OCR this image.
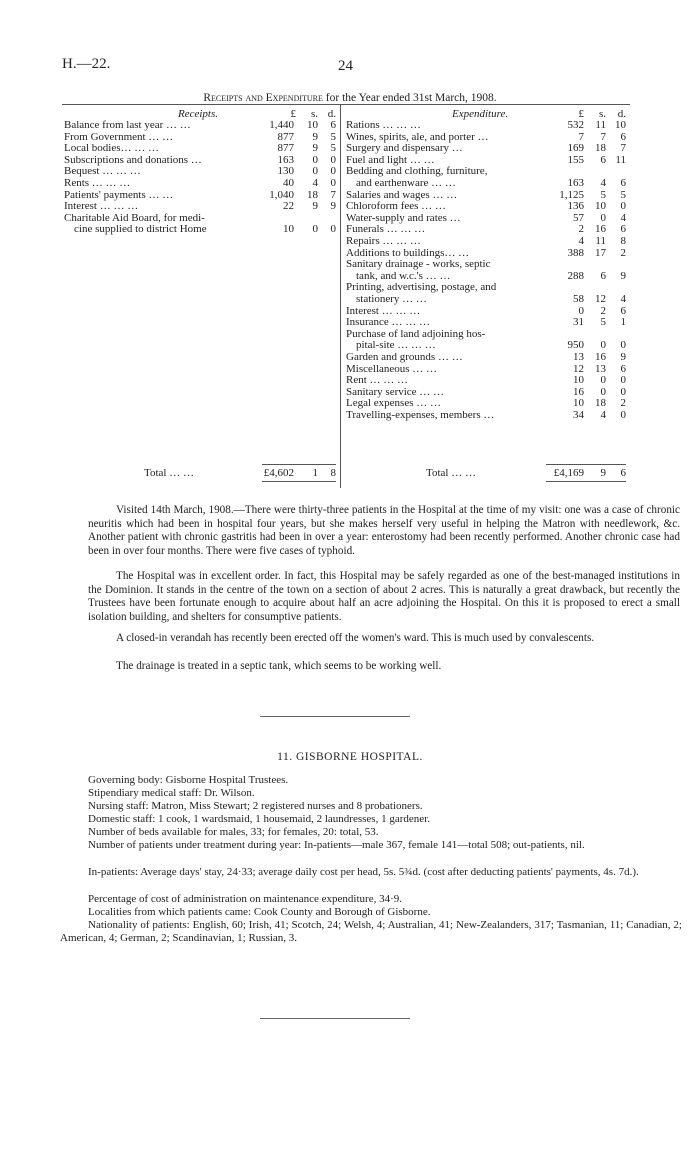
H.—22.	24
Receipts and Expenditure for the Year ended 31st March, 1908.
Receipts.	Expenditure.
£	s. d.	£	s.	d.
Balance from last year … …	1,440	10	6
From Government … …	877	9	5
Local bodies… … …	877	9	5
Subscriptions and donations …	163	0	0
Bequest … … …	130	0	0
Rents … … …	40	4	0
Patients' payments … …	1,040	18	7
Interest … … …	22	9	9
Charitable Aid Board, for medi-
cine supplied to district Home	10	0	0
Rations … … …	532	11 10
Wines, spirits, ale, and porter …	7	7	6
Surgery and dispensary …	169	18	7
Fuel and light … …	155	6 11
Bedding and clothing, furniture,
and earthenware … …	163	4	6
Salaries and wages … …	1,125	5	5
Chloroform fees … …	136	10	0
Water-supply and rates …	57	0	4
Funerals … … …	2	16	6
Repairs … … …	4	11	8
Additions to buildings… …	388	17	2
Sanitary drainage - works, septic
tank, and w.c.'s … …	288	6	9
Printing, advertising, postage, and
stationery … …	58	12	4
Interest … … …	0	2	6
Insurance … … …	31	5	1
Purchase of land adjoining hos-
pital-site … … …	950	0	0
Garden and grounds … …	13	16	9
Miscellaneous … …	12	13	6
Rent … … …	10	0	0
Sanitary service … …	16	0	0
Legal expenses … …	10	18	2
Travelling-expenses, members …	34	4	0
Total … …	£4,602	1	8	Total … …	£4,169	9	6
Visited 14th March, 1908.—There were thirty-three patients in the Hospital at the time of my visit: one was a case of chronic neuritis which had been in hospital four years, but she makes herself very useful in helping the Matron with needlework, &c. Another patient with chronic gastritis had been in over a year: enterostomy had been recently performed. Another chronic case had been in over four months. There were five cases of typhoid.
The Hospital was in excellent order. In fact, this Hospital may be safely regarded as one of the best-managed institutions in the Dominion. It stands in the centre of the town on a section of about 2 acres. This is naturally a great drawback, but recently the Trustees have been fortunate enough to acquire about half an acre adjoining the Hospital. On this it is proposed to erect a small isolation building, and shelters for consumptive patients.
A closed-in verandah has recently been erected off the women's ward. This is much used by convalescents.
The drainage is treated in a septic tank, which seems to be working well.
11. GISBORNE HOSPITAL.
Governing body: Gisborne Hospital Trustees.
Stipendiary medical staff: Dr. Wilson.
Nursing staff: Matron, Miss Stewart; 2 registered nurses and 8 probationers.
Domestic staff: 1 cook, 1 wardsmaid, 1 housemaid, 2 laundresses, 1 gardener.
Number of beds available for males, 33; for females, 20: total, 53.
Number of patients under treatment during year: In-patients—male 367, female 141—total 508; out-patients, nil.
In-patients: Average days' stay, 24·33; average daily cost per head, 5s. 5¾d. (cost after deducting patients' payments, 4s. 7d.).
Percentage of cost of administration on maintenance expenditure, 34·9.
Localities from which patients came: Cook County and Borough of Gisborne.
Nationality of patients: English, 60; Irish, 41; Scotch, 24; Welsh, 4; Australian, 41; New-Zealanders, 317; Tasmanian, 11; Canadian, 2; American, 4; German, 2; Scandinavian, 1; Russian, 3.
